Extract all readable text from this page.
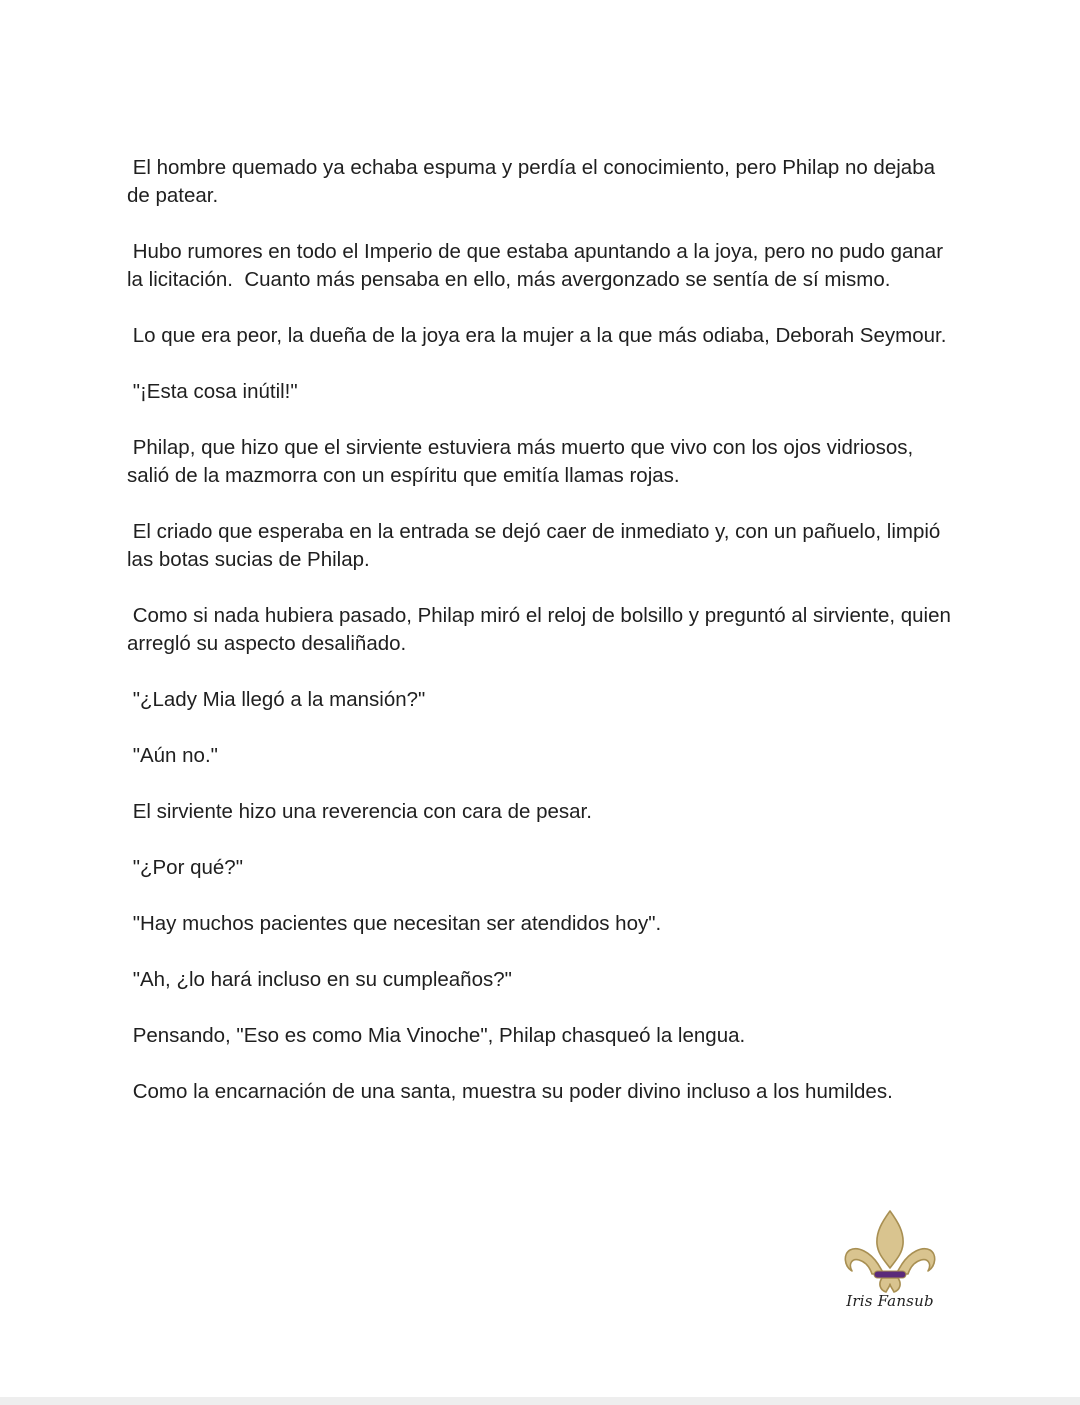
El hombre quemado ya echaba espuma y perdía el conocimiento, pero Philap no dejaba de patear.

Hubo rumores en todo el Imperio de que estaba apuntando a la joya, pero no pudo ganar la licitación.  Cuanto más pensaba en ello, más avergonzado se sentía de sí mismo.

Lo que era peor, la dueña de la joya era la mujer a la que más odiaba, Deborah Seymour.

"¡Esta cosa inútil!"

Philap, que hizo que el sirviente estuviera más muerto que vivo con los ojos vidriosos, salió de la mazmorra con un espíritu que emitía llamas rojas.

El criado que esperaba en la entrada se dejó caer de inmediato y, con un pañuelo, limpió las botas sucias de Philap.

Como si nada hubiera pasado, Philap miró el reloj de bolsillo y preguntó al sirviente, quien arregló su aspecto desaliñado.

"¿Lady Mia llegó a la mansión?"

"Aún no."

El sirviente hizo una reverencia con cara de pesar.

"¿Por qué?"

"Hay muchos pacientes que necesitan ser atendidos hoy".

"Ah, ¿lo hará incluso en su cumpleaños?"

Pensando, "Eso es como Mia Vinoche", Philap chasqueó la lengua.

Como la encarnación de una santa, muestra su poder divino incluso a los humildes.

Iris Fansub
